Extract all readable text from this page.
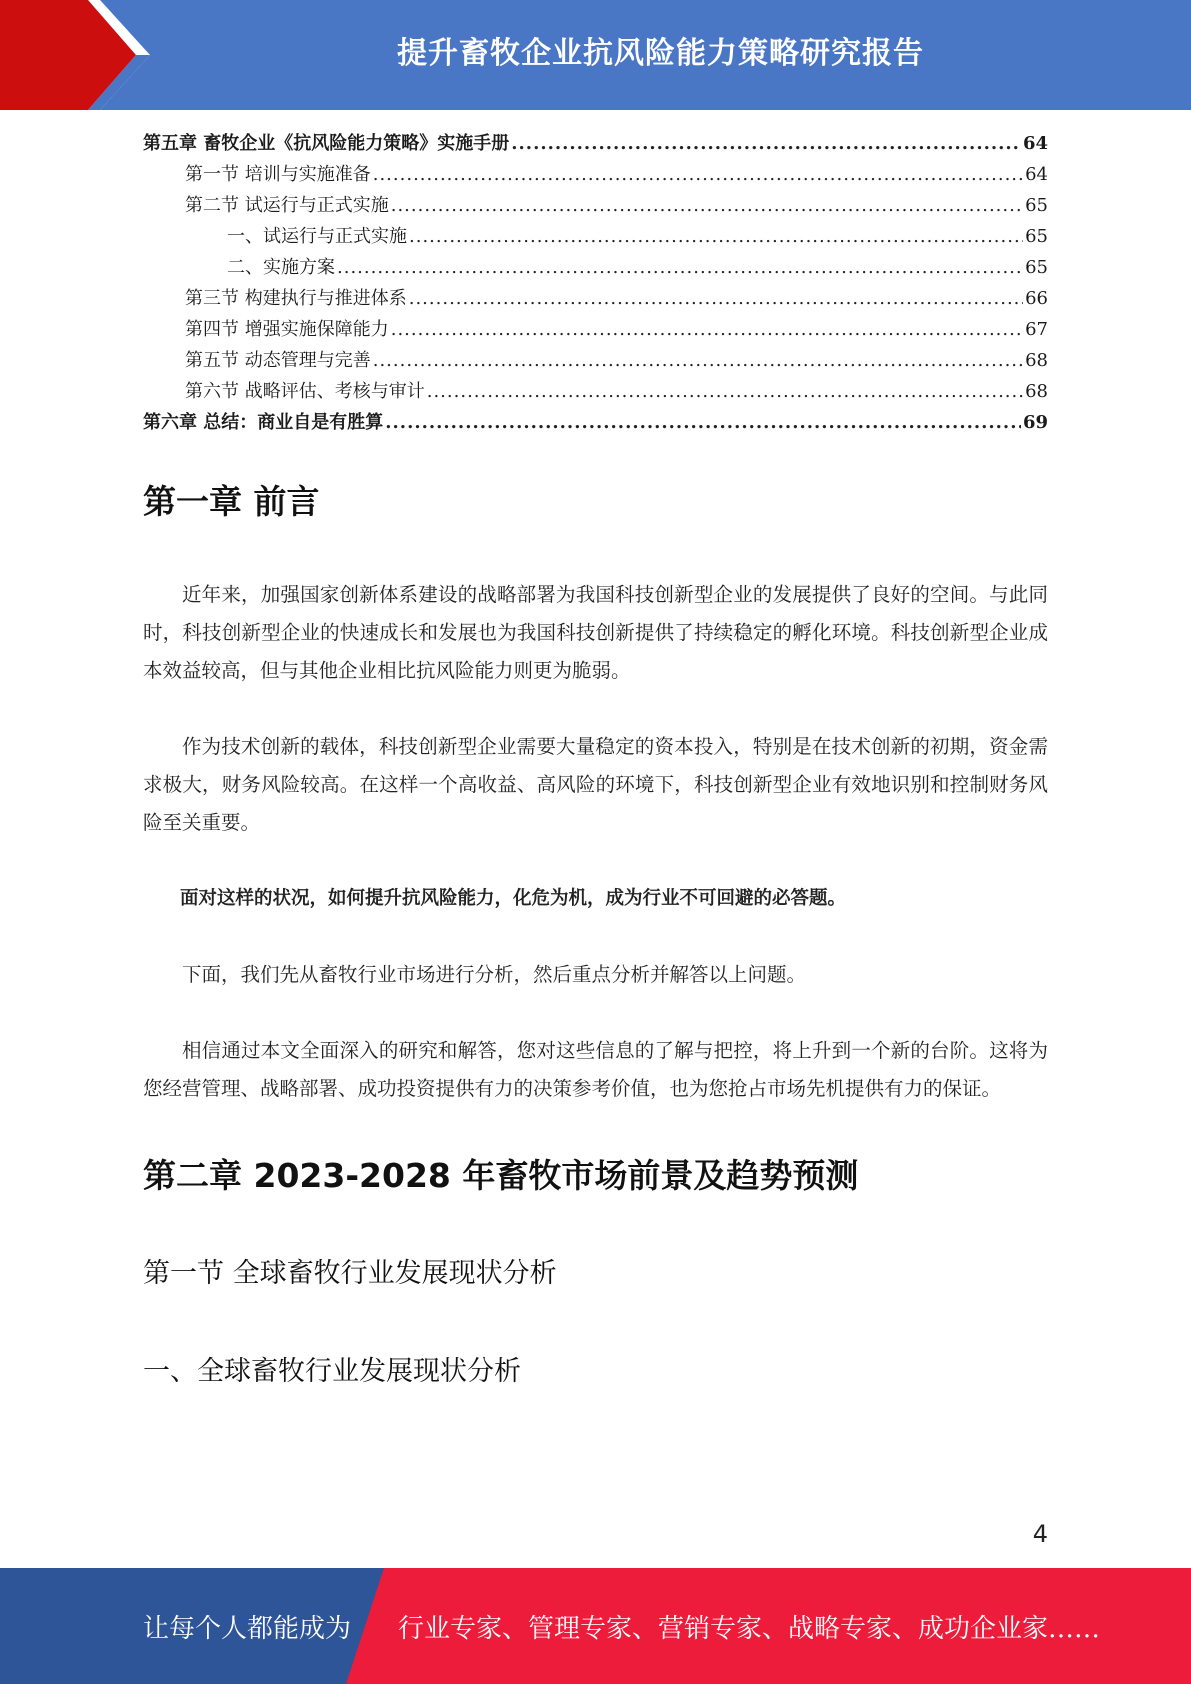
提升畜牧企业抗风险能力策略研究报告
第五章 畜牧企业《抗风险能力策略》实施手册 .....	64
第一节 培训与实施准备 .....	64
第二节 试运行与正式实施 .....	65
一、试运行与正式实施 .....	65
二、实施方案 .....	65
第三节 构建执行与推进体系 .....	66
第四节 增强实施保障能力 .....	67
第五节 动态管理与完善 .....	68
第六节 战略评估、考核与审计 .....	68
第六章 总结：商业自是有胜算 .....	69
第一章 前言

近年来，加强国家创新体系建设的战略部署为我国科技创新型企业的发展提供了良好的空间。与此同时，科技创新型企业的快速成长和发展也为我国科技创新提供了持续稳定的孵化环境。科技创新型企业成本效益较高，但与其他企业相比抗风险能力则更为脆弱。

作为技术创新的载体，科技创新型企业需要大量稳定的资本投入，特别是在技术创新的初期，资金需求极大，财务风险较高。在这样一个高收益、高风险的环境下，科技创新型企业有效地识别和控制财务风险至关重要。

面对这样的状况，如何提升抗风险能力，化危为机，成为行业不可回避的必答题。

下面，我们先从畜牧行业市场进行分析，然后重点分析并解答以上问题。

相信通过本文全面深入的研究和解答，您对这些信息的了解与把控，将上升到一个新的台阶。这将为您经营管理、战略部署、成功投资提供有力的决策参考价值，也为您抢占市场先机提供有力的保证。

第二章 2023-2028 年畜牧市场前景及趋势预测
第一节 全球畜牧行业发展现状分析
一、全球畜牧行业发展现状分析
4
让每个人都能成为 行业专家、管理专家、营销专家、战略专家、成功企业家……
